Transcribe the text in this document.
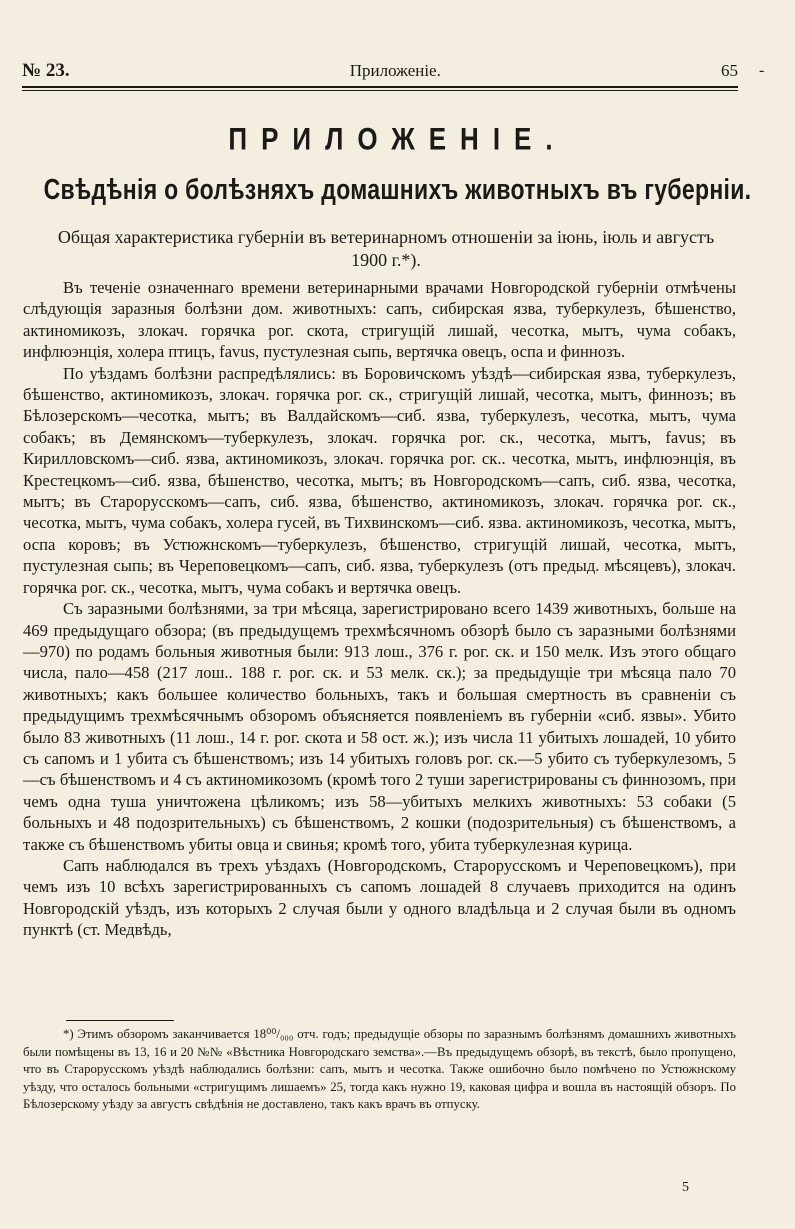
№ 23.	Приложеніе.	65 -
ПРИЛОЖЕНІЕ.
Свѣдѣнія о болѣзняхъ домашнихъ животныхъ въ губерніи.
Общая характеристика губерніи въ ветеринарномъ отношеніи за іюнь, іюль и августъ 1900 г.*).

Въ теченіе означеннаго времени ветеринарными врачами Новгородской губерніи отмѣчены слѣдующія заразныя болѣзни дом. животныхъ: сапъ, сибирская язва, туберкулезъ, бѣшенство, актиномикозъ, злокач. горячка рог. скота, стригущій лишай, чесотка, мытъ, чума собакъ, инфлюэнція, холера птицъ, favus, пустулезная сыпь, вертячка овецъ, оспа и финнозъ.

По уѣздамъ болѣзни распредѣлялись: въ Боровичскомъ уѣздѣ—сибирская язва, туберкулезъ, бѣшенство, актиномикозъ, злокач. горячка рог. ск., стригущій лишай, чесотка, мытъ, финнозъ; въ Бѣлозерскомъ—чесотка, мытъ; въ Валдайскомъ—сиб. язва, туберкулезъ, чесотка, мытъ, чума собакъ; въ Демянскомъ—туберкулезъ, злокач. горячка рог. ск., чесотка, мытъ, favus; въ Кирилловскомъ—сиб. язва, актиномикозъ, злокач. горячка рог. ск.. чесотка, мытъ, инфлюэнція, въ Крестецкомъ—сиб. язва, бѣшенство, чесотка, мытъ; въ Новгородскомъ—сапъ, сиб. язва, чесотка, мытъ; въ Старорусскомъ—сапъ, сиб. язва, бѣшенство, актиномикозъ, злокач. горячка рог. ск., чесотка, мытъ, чума собакъ, холера гусей, въ Тихвинскомъ—сиб. язва. актиномикозъ, чесотка, мытъ, оспа коровъ; въ Устюжнскомъ—туберкулезъ, бѣшенство, стригущій лишай, чесотка, мытъ, пустулезная сыпь; въ Череповецкомъ—сапъ, сиб. язва, туберкулезъ (отъ предыд. мѣсяцевъ), злокач. горячка рог. ск., чесотка, мытъ, чума собакъ и вертячка овецъ.

Съ заразными болѣзнями, за три мѣсяца, зарегистрировано всего 1439 животныхъ, больше на 469 предыдущаго обзора; (въ предыдущемъ трехмѣсячномъ обзорѣ было съ заразными болѣзнями—970) по родамъ больныя животныя были: 913 лош., 376 г. рог. ск. и 150 мелк. Изъ этого общаго числа, пало—458 (217 лош.. 188 г. рог. ск. и 53 мелк. ск.); за предыдущіе три мѣсяца пало 70 животныхъ; какъ большее количество больныхъ, такъ и большая смертность въ сравненіи съ предыдущимъ трехмѣсячнымъ обзоромъ объясняется появленіемъ въ губерніи «сиб. язвы». Убито было 83 животныхъ (11 лош., 14 г. рог. скота и 58 ост. ж.); изъ числа 11 убитыхъ лошадей, 10 убито съ сапомъ и 1 убита съ бѣшенствомъ; изъ 14 убитыхъ головъ рог. ск.—5 убито съ туберкулезомъ, 5—съ бѣшенствомъ и 4 съ актиномикозомъ (кромѣ того 2 туши зарегистрированы съ финнозомъ, при чемъ одна туша уничтожена цѣликомъ; изъ 58—убитыхъ мелкихъ животныхъ: 53 собаки (5 больныхъ и 48 подозрительныхъ) съ бѣшенствомъ, 2 кошки (подозрительныя) съ бѣшенствомъ, а также съ бѣшенствомъ убиты овца и свинья; кромѣ того, убита туберкулезная курица.

Сапъ наблюдался въ трехъ уѣздахъ (Новгородскомъ, Старорусскомъ и Череповецкомъ), при чемъ изъ 10 всѣхъ зарегистрированныхъ съ сапомъ лошадей 8 случаевъ приходится на одинъ Новгородскій уѣздъ, изъ которыхъ 2 случая были у одного владѣльца и 2 случая были въ одномъ пунктѣ (ст. Медвѣдь,

*) Этимъ обзоромъ заканчивается 18⁰⁰/₀₀₀ отч. годъ; предыдущіе обзоры по заразнымъ болѣзнямъ домашнихъ животныхъ были помѣщены въ 13, 16 и 20 №№ «Вѣстника Новгородскаго земства».—Въ предыдущемъ обзорѣ, въ текстѣ, было пропущено, что въ Старорусскомъ уѣздѣ наблюдались болѣзни: сапъ, мытъ и чесотка. Также ошибочно было помѣчено по Устюжнскому уѣзду, что осталось больными «стригущимъ лишаемъ» 25, тогда какъ нужно 19, каковая цифра и вошла въ настоящій обзоръ. По Бѣлозерскому уѣзду за августъ свѣдѣнія не доставлено, такъ какъ врачъ въ отпуску.
5
